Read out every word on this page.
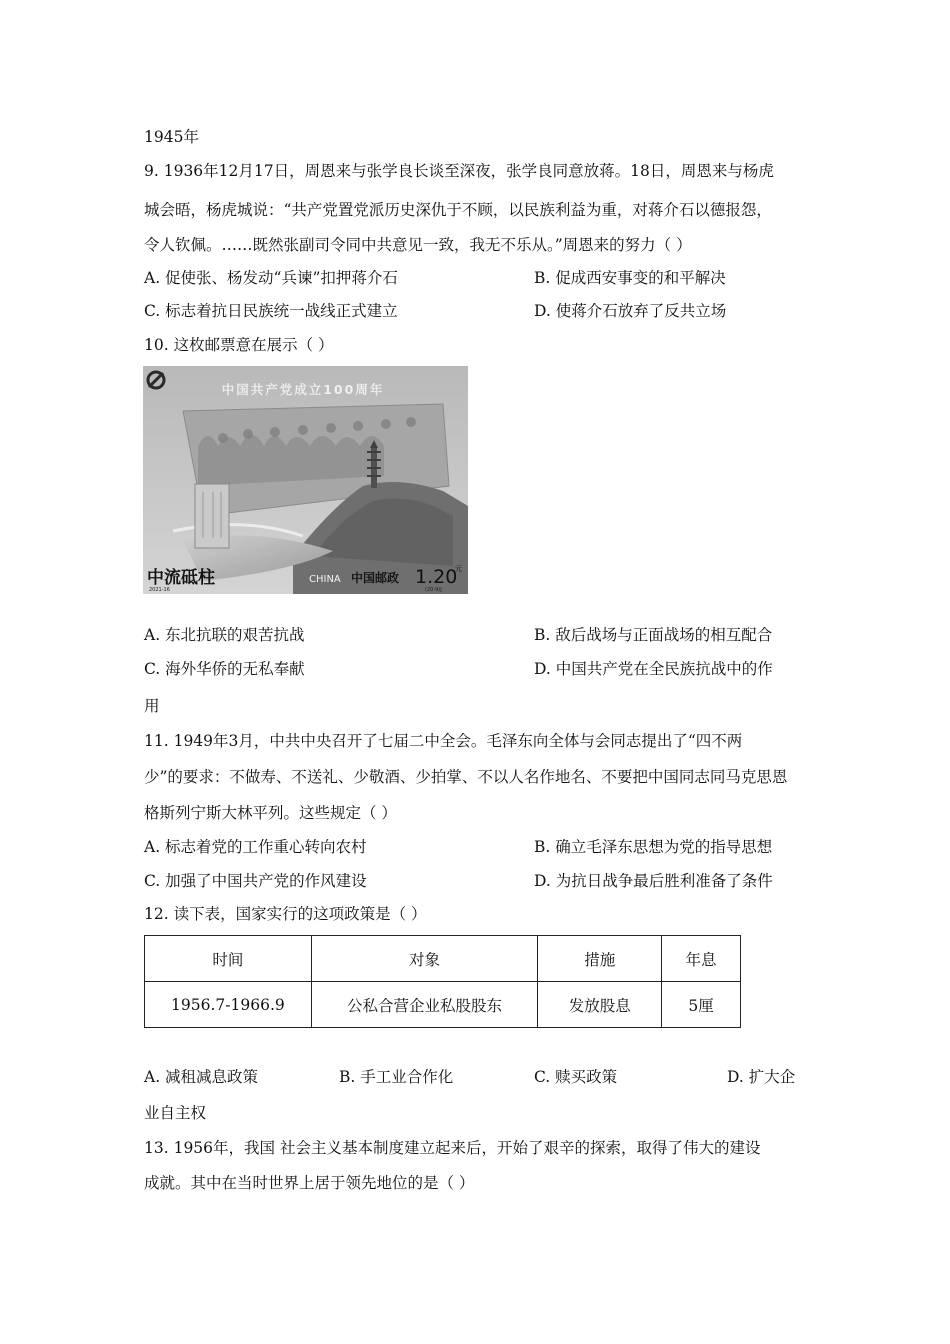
1945年
9. 1936年12月17日，周恩来与张学良长谈至深夜，张学良同意放蒋。18日，周恩来与杨虎
城会晤，杨虎城说：“共产党置党派历史深仇于不顾，以民族利益为重，对蒋介石以德报怨，
令人钦佩。……既然张副司令同中共意见一致，我无不乐从。”周恩来的努力（ ）
A. 促使张、杨发动“兵谏”扣押蒋介石	B. 促成西安事变的和平解决
C. 标志着抗日民族统一战线正式建立	D. 使蒋介石放弃了反共立场
10. 这枚邮票意在展示（ ）
中国共产党成立100周年
中流砥柱	CHINA 中国邮政 1.20
元
2021-16	(20-9)J
A. 东北抗联的艰苦抗战	B. 敌后战场与正面战场的相互配合
C. 海外华侨的无私奉献	D. 中国共产党在全民族抗战中的作
用
11. 1949年3月，中共中央召开了七届二中全会。毛泽东向全体与会同志提出了“四不两
少”的要求：不做寿、不送礼、少敬酒、少拍掌、不以人名作地名、不要把中国同志同马克思恩
格斯列宁斯大林平列。这些规定（ ）
A. 标志着党的工作重心转向农村	B. 确立毛泽东思想为党的指导思想
C. 加强了中国共产党的作风建设	D. 为抗日战争最后胜利准备了条件
12. 读下表，国家实行的这项政策是（ ）
时间	对象	措施	年息
1956.7-1966.9	公私合营企业私股股东	发放股息	5厘
A. 减租减息政策	B. 手工业合作化	C. 赎买政策	D. 扩大企
业自主权
13. 1956年，我国 社会主义基本制度建立起来后，开始了艰辛的探索，取得了伟大的建设
成就。其中在当时世界上居于领先地位的是（ ）
